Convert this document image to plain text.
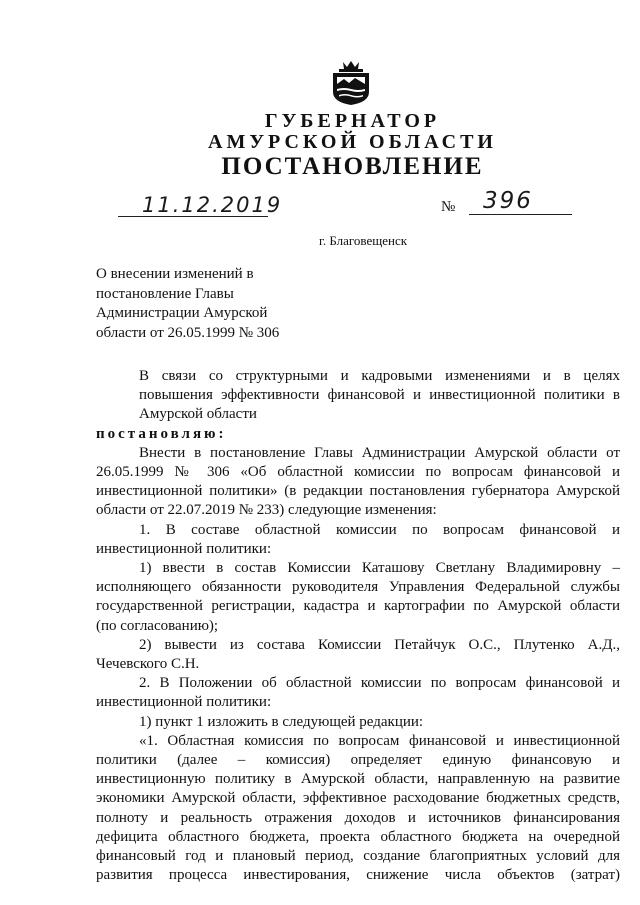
ГУБЕРНАТОР
АМУРСКОЙ ОБЛАСТИ
ПОСТАНОВЛЕНИЕ
11.12.2019	№	396
г. Благовещенск
О внесении изменений в
постановление Главы
Администрации Амурской
области от 26.05.1999 № 306

В связи со структурными и кадровыми изменениями и в целях
повышения эффективности финансовой и инвестиционной политики в
Амурской области

постановляю:

Внести в постановление Главы Администрации Амурской области от
26.05.1999 № 306 «Об областной комиссии по вопросам финансовой и
инвестиционной политики» (в редакции постановления губернатора Амурской
области от 22.07.2019 № 233) следующие изменения:

1. В составе областной комиссии по вопросам финансовой и
инвестиционной политики:

1) ввести в состав Комиссии Каташову Светлану Владимировну –
исполняющего обязанности руководителя Управления Федеральной службы
государственной регистрации, кадастра и картографии по Амурской области
(по согласованию);

2) вывести из состава Комиссии Петайчук О.С., Плутенко А.Д.,
Чечевского С.Н.

2. В Положении об областной комиссии по вопросам финансовой и
инвестиционной политики:

1) пункт 1 изложить в следующей редакции:

«1. Областная комиссия по вопросам финансовой и инвестиционной
политики (далее – комиссия) определяет единую финансовую и
инвестиционную политику в Амурской области, направленную на развитие
экономики Амурской области, эффективное расходование бюджетных средств,
полноту и реальность отражения доходов и источников финансирования
дефицита областного бюджета, проекта областного бюджета на очередной
финансовый год и плановый период, создание благоприятных условий для
развития процесса инвестирования, снижение числа объектов (затрат)
